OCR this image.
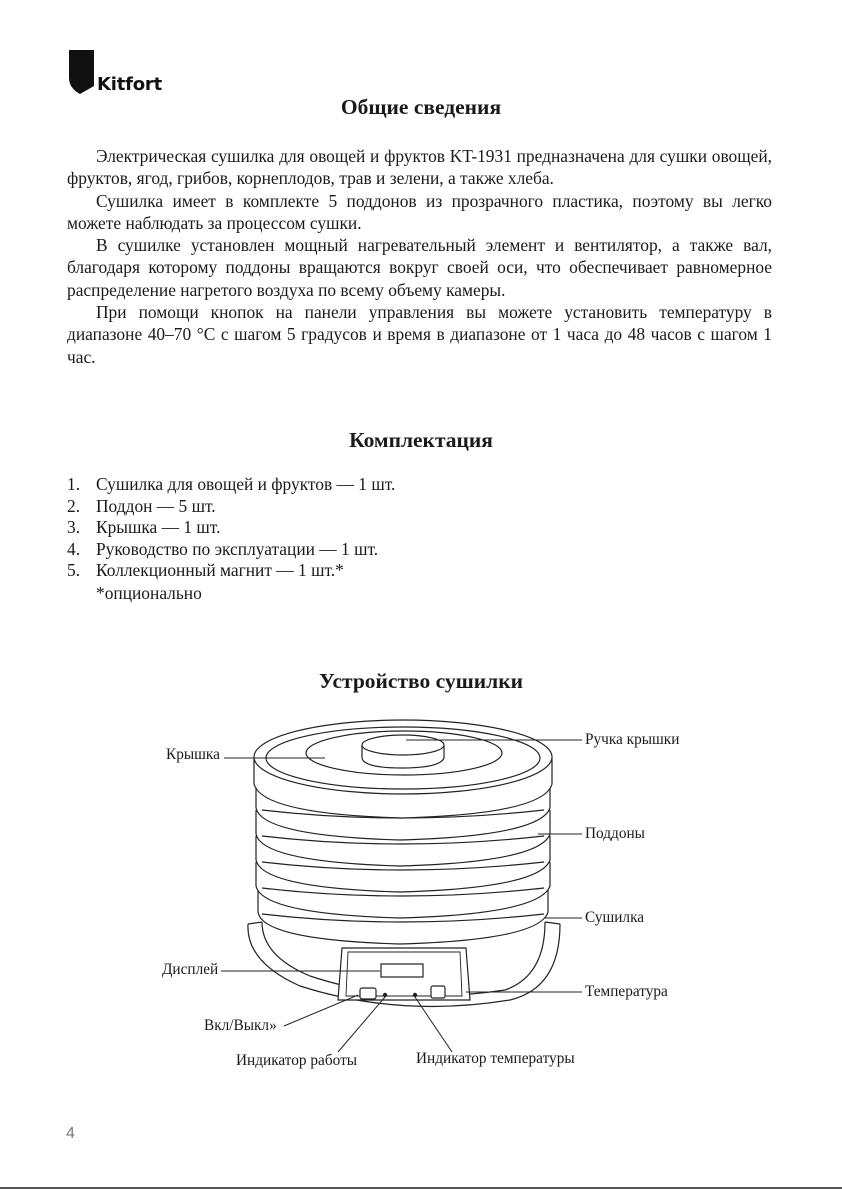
Kitfort
Общие сведения

Электрическая сушилка для овощей и фруктов KT-1931 предназначена для сушки овощей, фруктов, ягод, грибов, корнеплодов, трав и зелени, а также хлеба.

Сушилка имеет в комплекте 5 поддонов из прозрачного пластика, поэтому вы легко можете наблюдать за процессом сушки.

В сушилке установлен мощный нагревательный элемент и вентилятор, а также вал, благодаря которому поддоны вращаются вокруг своей оси, что обеспечивает равномерное распределение нагретого воздуха по всему объему камеры.

При помощи кнопок на панели управления вы можете установить температуру в диапазоне 40–70 °C с шагом 5 градусов и время в диапазоне от 1 часа до 48 часов с шагом 1 час.

Комплектация
1. Сушилка для овощей и фруктов — 1 шт.
2. Поддон — 5 шт.
3. Крышка — 1 шт.
4. Руководство по эксплуатации — 1 шт.
5. Коллекционный магнит — 1 шт.*
*опционально
Устройство сушилки
Крышка
Ручка крышки
Поддоны
Сушилка
Дисплей
Температура
Вкл/Выкл»
Индикатор работы	Индикатор температуры
4
